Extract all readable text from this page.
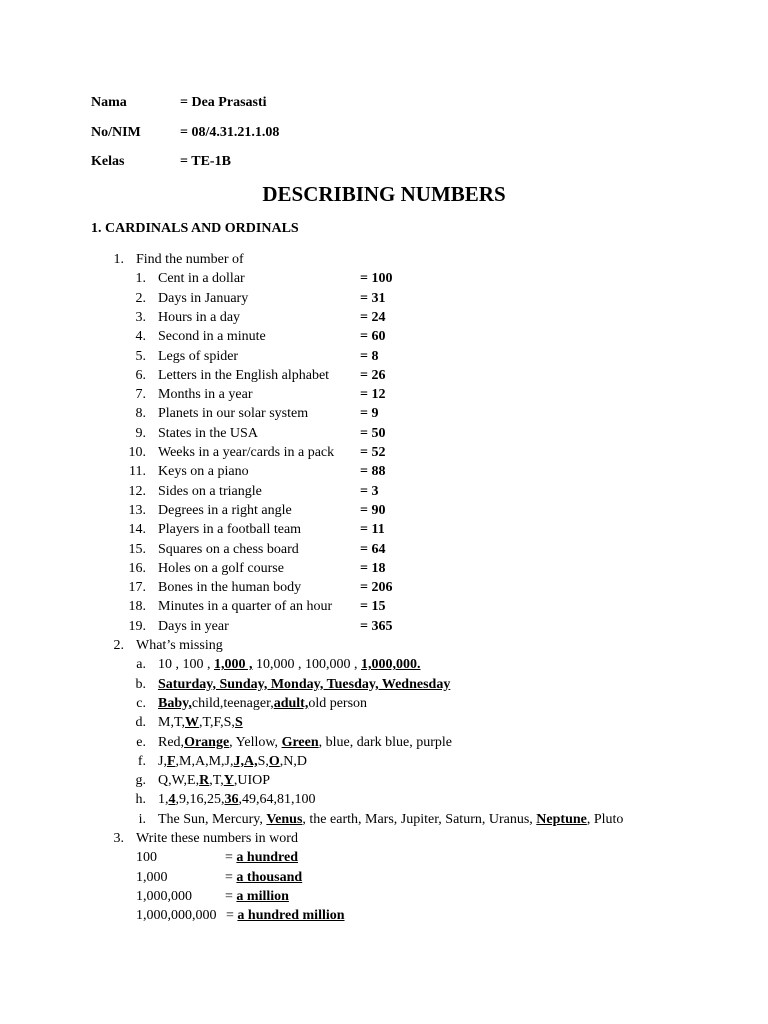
Nama	= Dea Prasasti
No/NIM	= 08/4.31.21.1.08
Kelas	= TE-1B
DESCRIBING NUMBERS
1. CARDINALS AND ORDINALS
1. Find the number of
1. Cent in a dollar	= 100
2. Days in January	= 31
3. Hours in a day	= 24
4. Second in a minute	= 60
5. Legs of spider	= 8
6. Letters in the English alphabet = 26
7. Months in a year	= 12
8. Planets in our solar system	= 9
9. States in the USA	= 50
10. Weeks in a year/cards in a pack = 52
11. Keys on a piano	= 88
12. Sides on a triangle	= 3
13. Degrees in a right angle	= 90
14. Players in a football team	= 11
15. Squares on a chess board	= 64
16. Holes on a golf course	= 18
17. Bones in the human body	= 206
18. Minutes in a quarter of an hour = 15
19. Days in year	= 365
2. What’s missing
a. 10 , 100 , 1,000 , 10,000 , 100,000 , 1,000,000.
b. Saturday, Sunday, Monday, Tuesday, Wednesday
c. Baby,child,teenager,adult,old person
d. M,T,W,T,F,S,S
e. Red,Orange, Yellow, Green, blue, dark blue, purple
f. J,F,M,A,M,J,J,A,S,O,N,D
g. Q,W,E,R,T,Y,UIOP
h. 1,4,9,16,25,36,49,64,81,100
i. The Sun, Mercury, Venus, the earth, Mars, Jupiter, Saturn, Uranus, Neptune, Pluto
3. Write these numbers in word
100	= a hundred
1,000	= a thousand
1,000,000 = a million
1,000,000,000 = a hundred million
